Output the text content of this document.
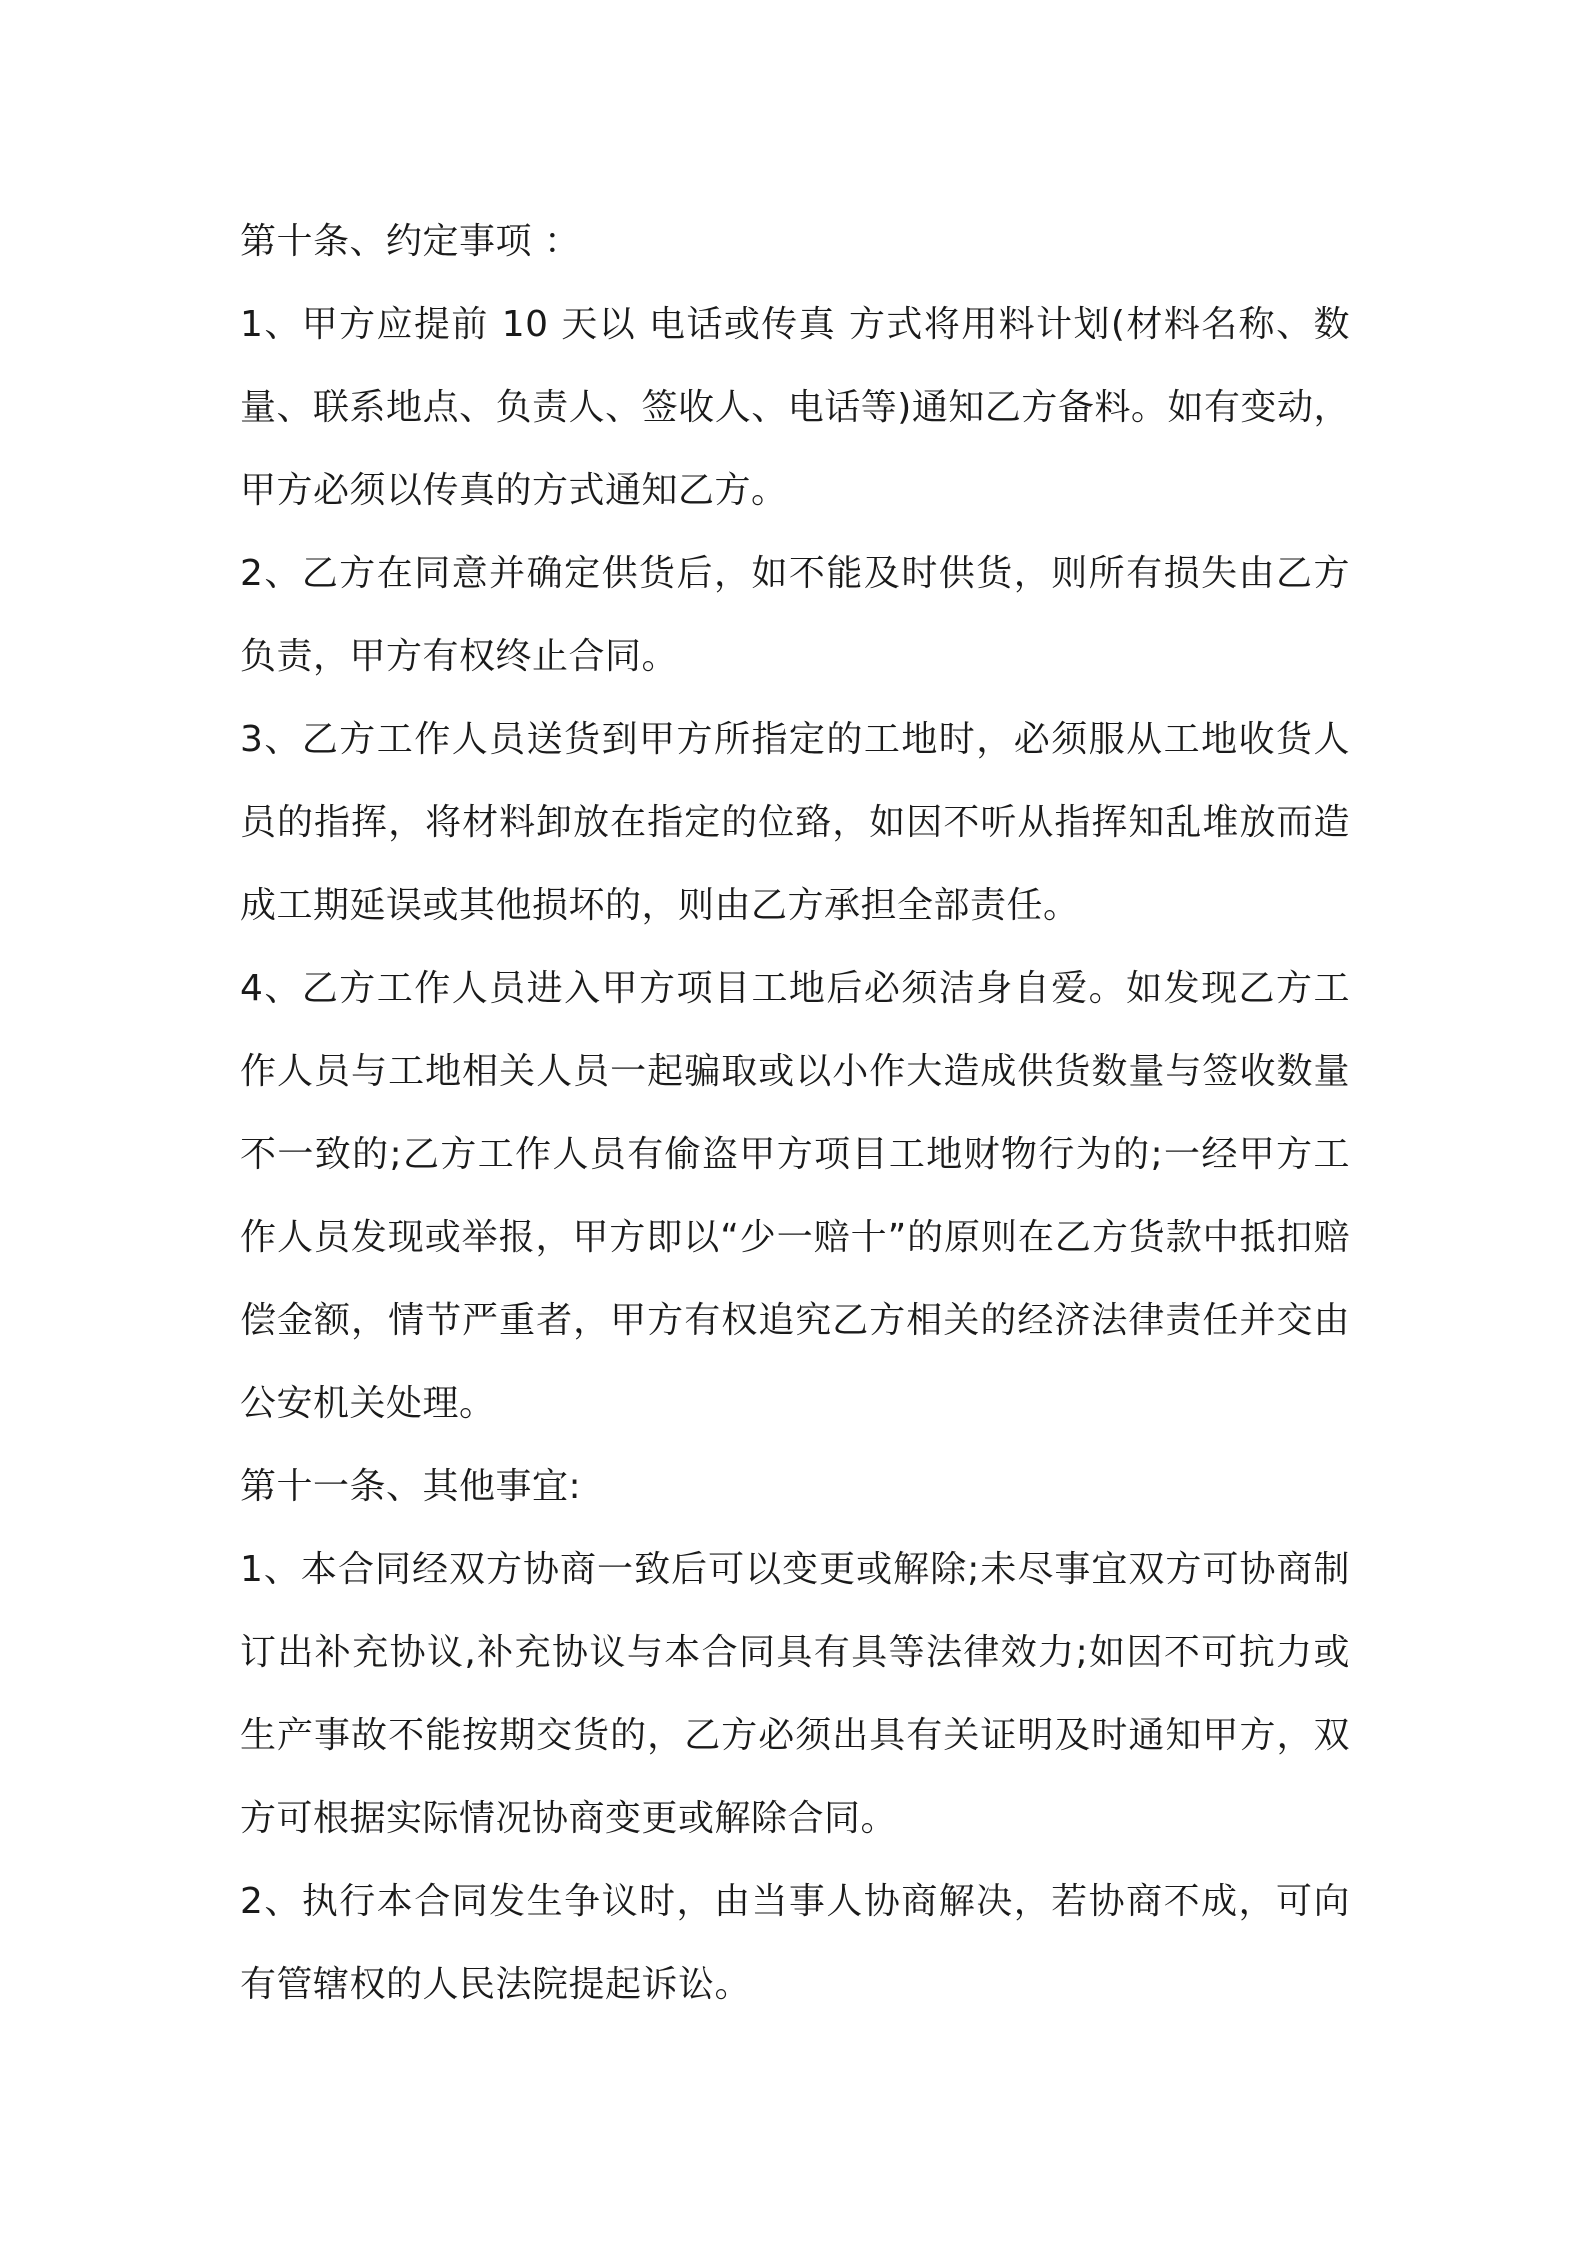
第十条、约定事项 ：

1、甲方应提前 10 天以 电话或传真 方式将用料计划(材料名称、数量、联系地点、负责人、签收人、电话等)通知乙方备料。如有变动，甲方必须以传真的方式通知乙方。

2、乙方在同意并确定供货后，如不能及时供货，则所有损失由乙方负责，甲方有权终止合同。

3、乙方工作人员送货到甲方所指定的工地时，必须服从工地收货人员的指挥，将材料卸放在指定的位臵，如因不听从指挥知乱堆放而造成工期延误或其他损坏的，则由乙方承担全部责任。

4、乙方工作人员进入甲方项目工地后必须洁身自爱。如发现乙方工作人员与工地相关人员一起骗取或以小作大造成供货数量与签收数量不一致的;乙方工作人员有偷盗甲方项目工地财物行为的;一经甲方工作人员发现或举报，甲方即以“少一赔十”的原则在乙方货款中抵扣赔偿金额，情节严重者，甲方有权追究乙方相关的经济法律责任并交由公安机关处理。

第十一条、其他事宜:

1、本合同经双方协商一致后可以变更或解除;未尽事宜双方可协商制订出补充协议,补充协议与本合同具有具等法律效力;如因不可抗力或生产事故不能按期交货的，乙方必须出具有关证明及时通知甲方，双方可根据实际情况协商变更或解除合同。

2、执行本合同发生争议时，由当事人协商解决，若协商不成，可向有管辖权的人民法院提起诉讼。
